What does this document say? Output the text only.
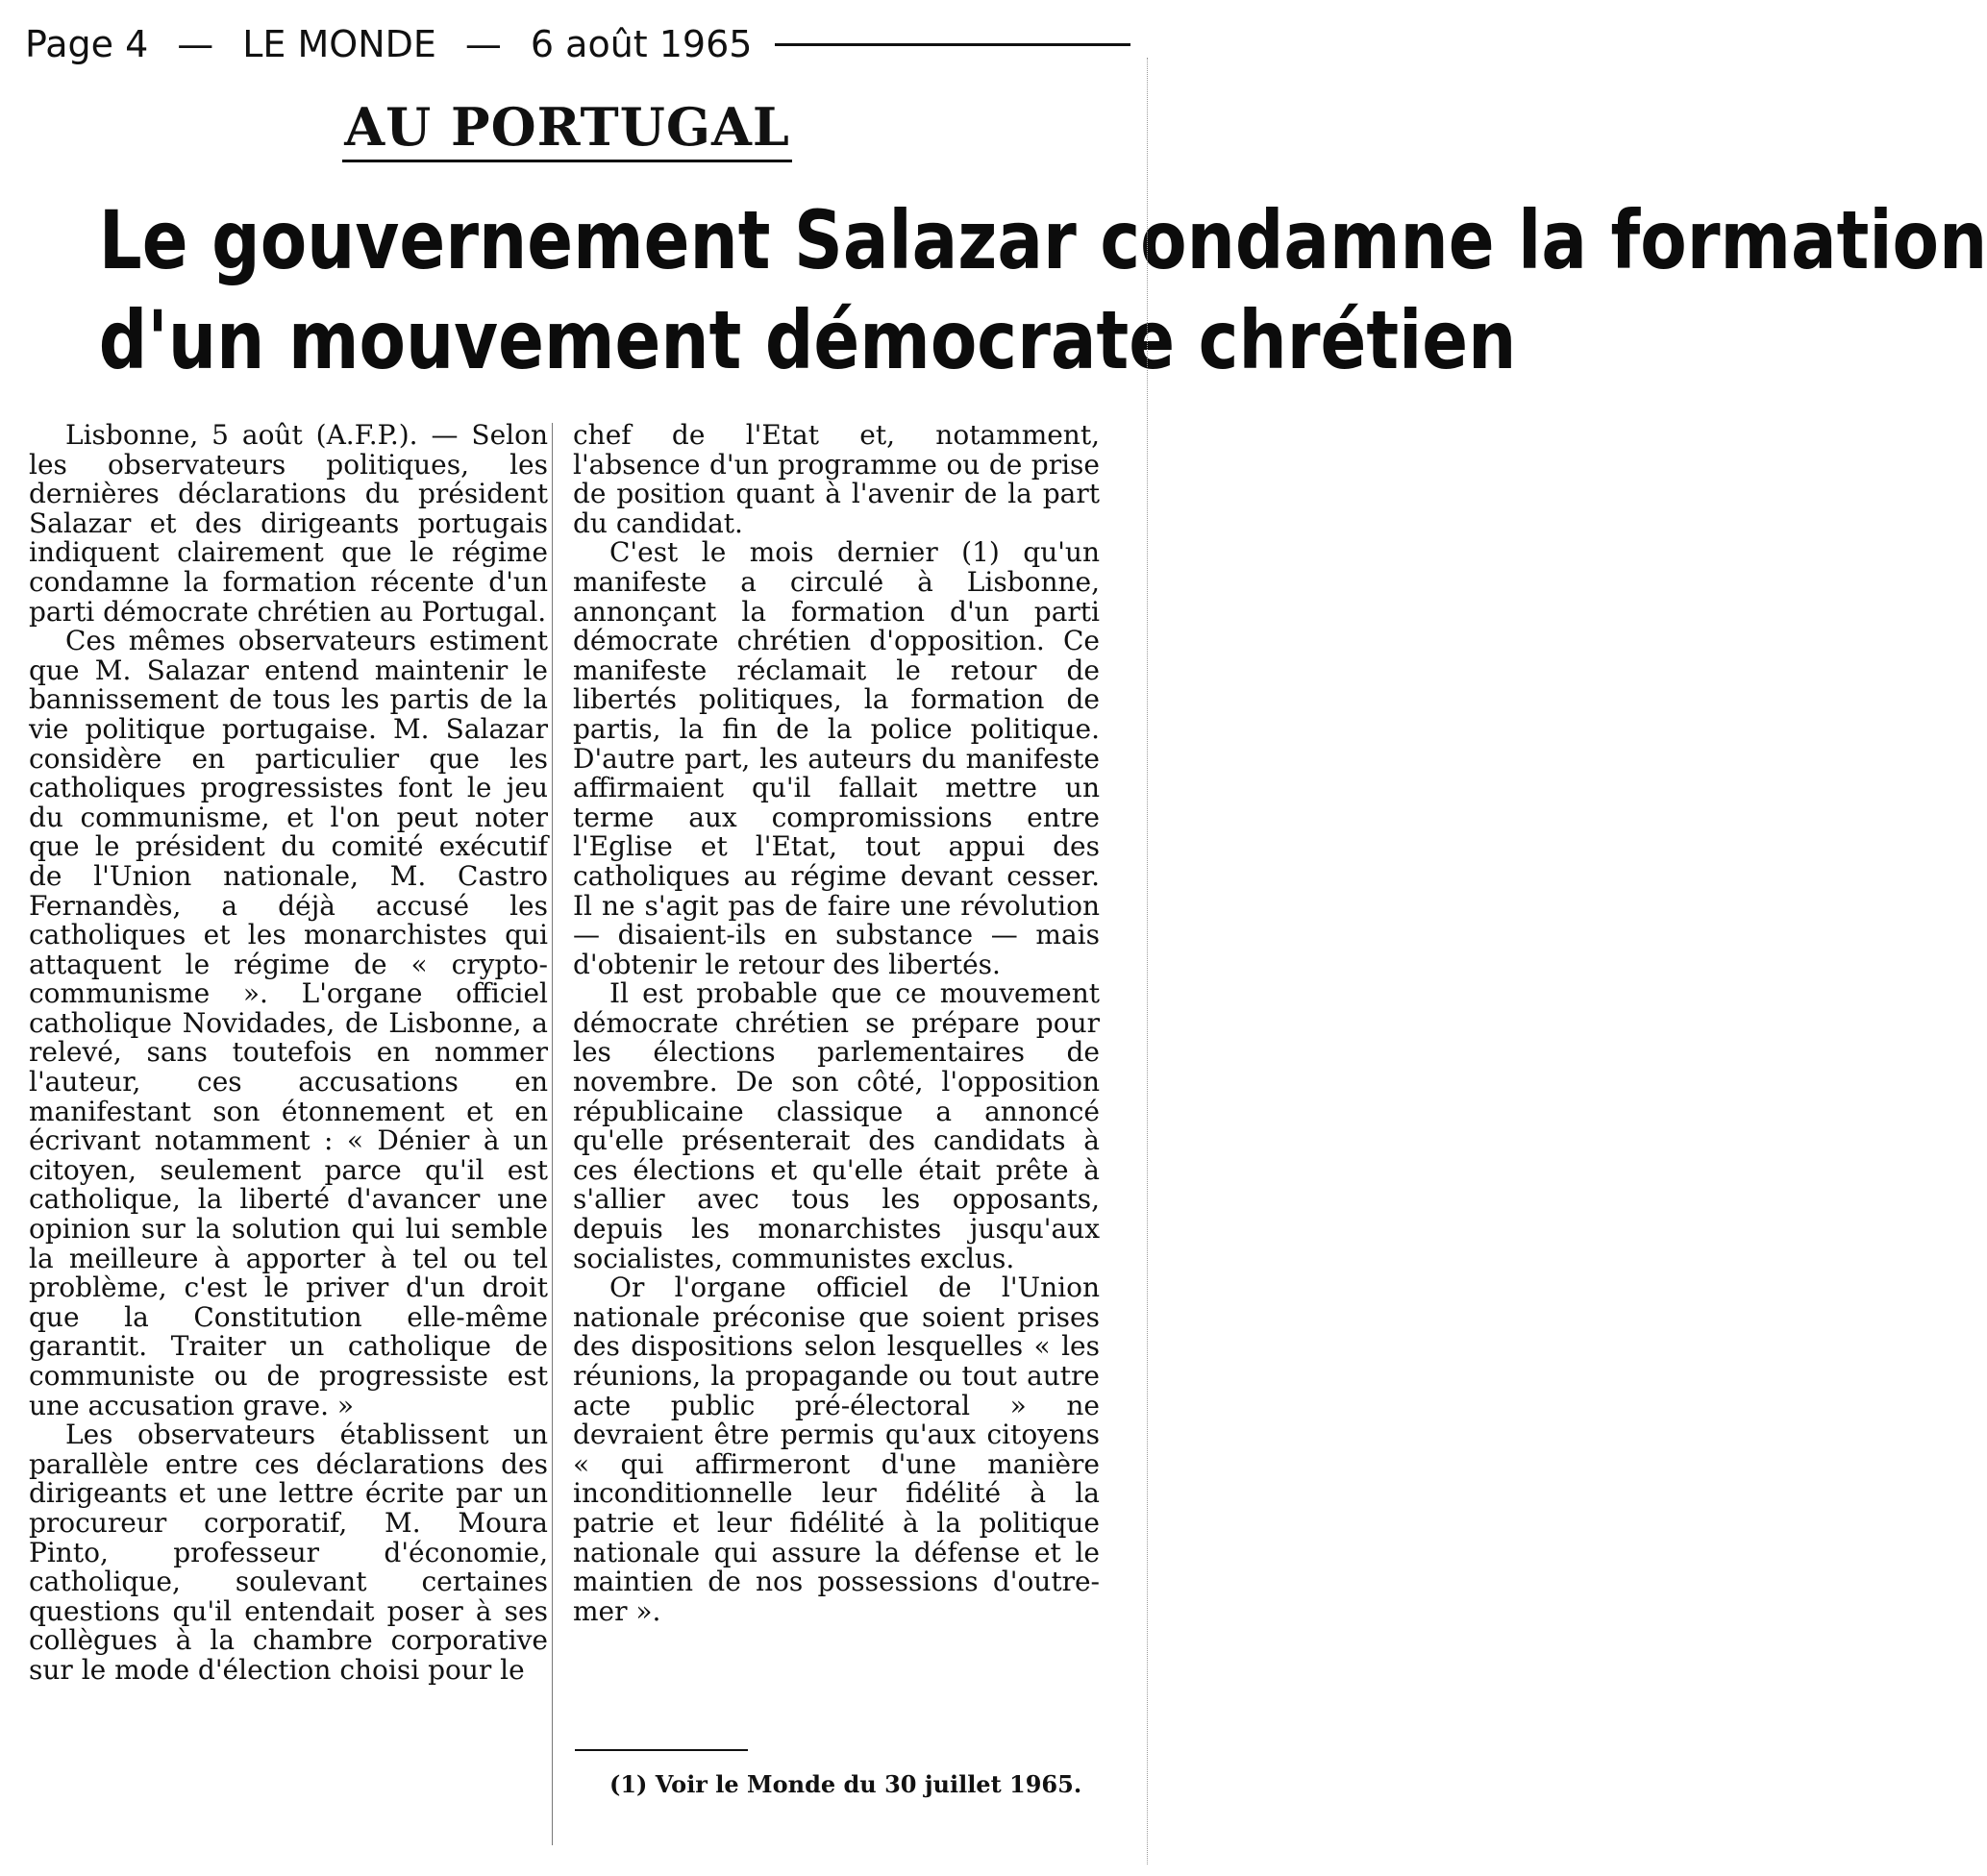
Page 4 — LE MONDE — 6 août 1965
AU PORTUGAL
Le gouvernement Salazar condamne la formation
d'un mouvement démocrate chrétien

Lisbonne, 5 août (A.F.P.). — Selon les observateurs politiques, les dernières déclarations du président Salazar et des dirigeants portugais indiquent clairement que le régime condamne la formation récente d'un parti démocrate chrétien au Portugal.

Ces mêmes observateurs estiment que M. Salazar entend maintenir le bannissement de tous les partis de la vie politique portugaise. M. Salazar considère en particulier que les catholiques progressistes font le jeu du communisme, et l'on peut noter que le président du comité exécutif de l'Union nationale, M. Castro Fernandès, a déjà accusé les catholiques et les monarchistes qui attaquent le régime de « crypto-communisme ». L'organe officiel catholique Novidades, de Lisbonne, a relevé, sans toutefois en nommer l'auteur, ces accusations en manifestant son étonnement et en écrivant notamment : « Dénier à un citoyen, seulement parce qu'il est catholique, la liberté d'avancer une opinion sur la solution qui lui semble la meilleure à apporter à tel ou tel problème, c'est le priver d'un droit que la Constitution elle-même garantit. Traiter un catholique de communiste ou de progressiste est une accusation grave. »

Les observateurs établissent un parallèle entre ces déclarations des dirigeants et une lettre écrite par un procureur corporatif, M. Moura Pinto, professeur d'économie, catholique, soulevant certaines questions qu'il entendait poser à ses collègues à la chambre corporative sur le mode d'élection choisi pour le

chef de l'Etat et, notamment, l'absence d'un programme ou de prise de position quant à l'avenir de la part du candidat.

C'est le mois dernier (1) qu'un manifeste a circulé à Lisbonne, annonçant la formation d'un parti démocrate chrétien d'opposition. Ce manifeste réclamait le retour de libertés politiques, la formation de partis, la fin de la police politique. D'autre part, les auteurs du manifeste affirmaient qu'il fallait mettre un terme aux compromissions entre l'Eglise et l'Etat, tout appui des catholiques au régime devant cesser. Il ne s'agit pas de faire une révolution — disaient-ils en substance — mais d'obtenir le retour des libertés.

Il est probable que ce mouvement démocrate chrétien se prépare pour les élections parlementaires de novembre. De son côté, l'opposition républicaine classique a annoncé qu'elle présenterait des candidats à ces élections et qu'elle était prête à s'allier avec tous les opposants, depuis les monarchistes jusqu'aux socialistes, communistes exclus.

Or l'organe officiel de l'Union nationale préconise que soient prises des dispositions selon lesquelles « les réunions, la propagande ou tout autre acte public pré-électoral » ne devraient être permis qu'aux citoyens « qui affirmeront d'une manière inconditionnelle leur fidélité à la patrie et leur fidélité à la politique nationale qui assure la défense et le maintien de nos possessions d'outre-mer ».

(1) Voir le Monde du 30 juillet 1965.
